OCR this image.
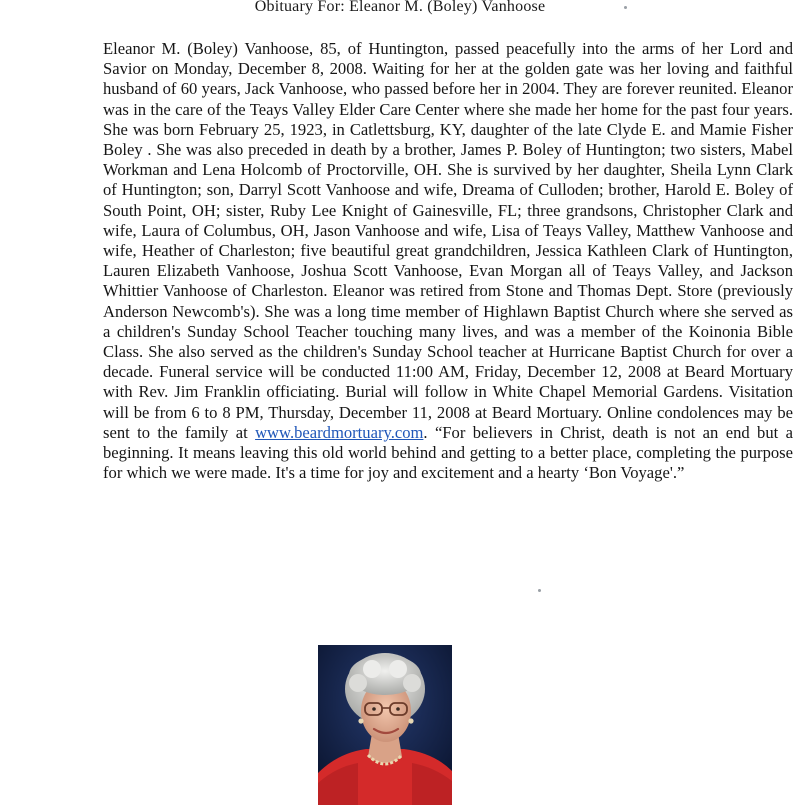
Obituary For: Eleanor M. (Boley) Vanhoose
Eleanor M. (Boley) Vanhoose, 85, of Huntington, passed peacefully into the arms of her Lord and Savior on Monday, December 8, 2008. Waiting for her at the golden gate was her loving and faithful husband of 60 years, Jack Vanhoose, who passed before her in 2004. They are forever reunited. Eleanor was in the care of the Teays Valley Elder Care Center where she made her home for the past four years. She was born February 25, 1923, in Catlettsburg, KY, daughter of the late Clyde E. and Mamie Fisher Boley . She was also preceded in death by a brother, James P. Boley of Huntington; two sisters, Mabel Workman and Lena Holcomb of Proctorville, OH. She is survived by her daughter, Sheila Lynn Clark of Huntington; son, Darryl Scott Vanhoose and wife, Dreama of Culloden; brother, Harold E. Boley of South Point, OH; sister, Ruby Lee Knight of Gainesville, FL; three grandsons, Christopher Clark and wife, Laura of Columbus, OH, Jason Vanhoose and wife, Lisa of Teays Valley, Matthew Vanhoose and wife, Heather of Charleston; five beautiful great grandchildren, Jessica Kathleen Clark of Huntington, Lauren Elizabeth Vanhoose, Joshua Scott Vanhoose, Evan Morgan all of Teays Valley, and Jackson Whittier Vanhoose of Charleston. Eleanor was retired from Stone and Thomas Dept. Store (previously Anderson Newcomb's). She was a long time member of Highlawn Baptist Church where she served as a children's Sunday School Teacher touching many lives, and was a member of the Koinonia Bible Class. She also served as the children's Sunday School teacher at Hurricane Baptist Church for over a decade. Funeral service will be conducted 11:00 AM, Friday, December 12, 2008 at Beard Mortuary with Rev. Jim Franklin officiating. Burial will follow in White Chapel Memorial Gardens. Visitation will be from 6 to 8 PM, Thursday, December 11, 2008 at Beard Mortuary. Online condolences may be sent to the family at www.beardmortuary.com. “For believers in Christ, death is not an end but a beginning. It means leaving this old world behind and getting to a better place, completing the purpose for which we were made. It's a time for joy and excitement and a hearty ‘Bon Voyage'.”
